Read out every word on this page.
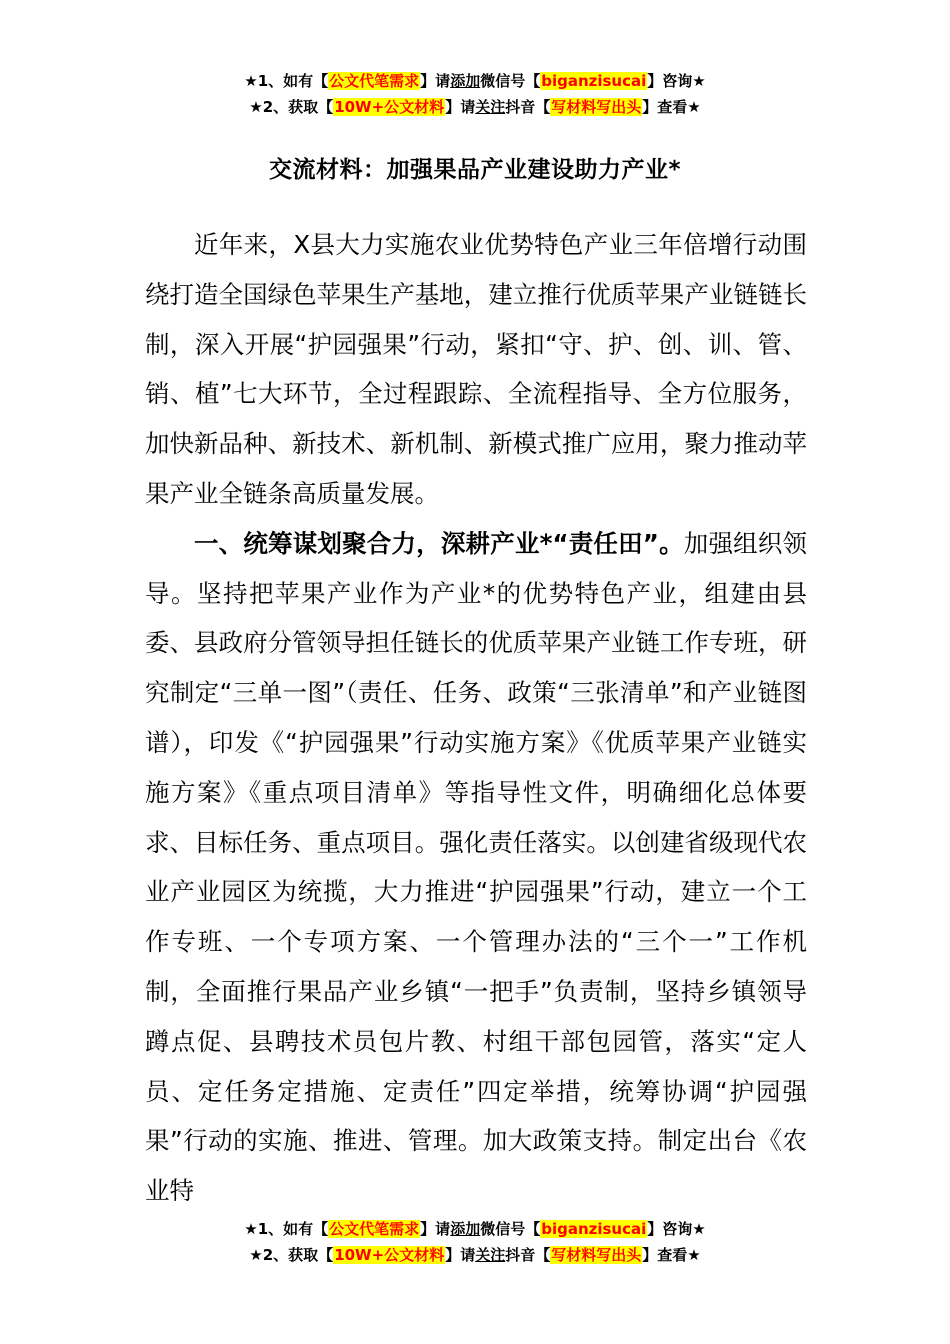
★1、如有【公文代笔需求】请添加微信号【biganzisucai】咨询★
★2、获取【10W+公文材料】请关注抖音【写材料写出头】查看★
交流材料：加强果品产业建设助力产业*

近年来，X县大力实施农业优势特色产业三年倍增行动围绕打造全国绿色苹果生产基地，建立推行优质苹果产业链链长制，深入开展“护园强果”行动，紧扣“守、护、创、训、管、销、植”七大环节，全过程跟踪、全流程指导、全方位服务，加快新品种、新技术、新机制、新模式推广应用，聚力推动苹果产业全链条高质量发展。

一、统筹谋划聚合力，深耕产业*“责任田”。加强组织领导。坚持把苹果产业作为产业*的优势特色产业，组建由县委、县政府分管领导担任链长的优质苹果产业链工作专班，研究制定“三单一图”（责任、任务、政策“三张清单”和产业链图谱），印发《“护园强果”行动实施方案》《优质苹果产业链实施方案》《重点项目清单》等指导性文件，明确细化总体要求、目标任务、重点项目。强化责任落实。以创建省级现代农业产业园区为统揽，大力推进“护园强果”行动，建立一个工作专班、一个专项方案、一个管理办法的“三个一”工作机制，全面推行果品产业乡镇“一把手”负责制，坚持乡镇领导蹲点促、县聘技术员包片教、村组干部包园管，落实“定人员、定任务定措施、定责任”四定举措，统筹协调“护园强果”行动的实施、推进、管理。加大政策支持。制定出台《农业特

★1、如有【公文代笔需求】请添加微信号【biganzisucai】咨询★
★2、获取【10W+公文材料】请关注抖音【写材料写出头】查看★
